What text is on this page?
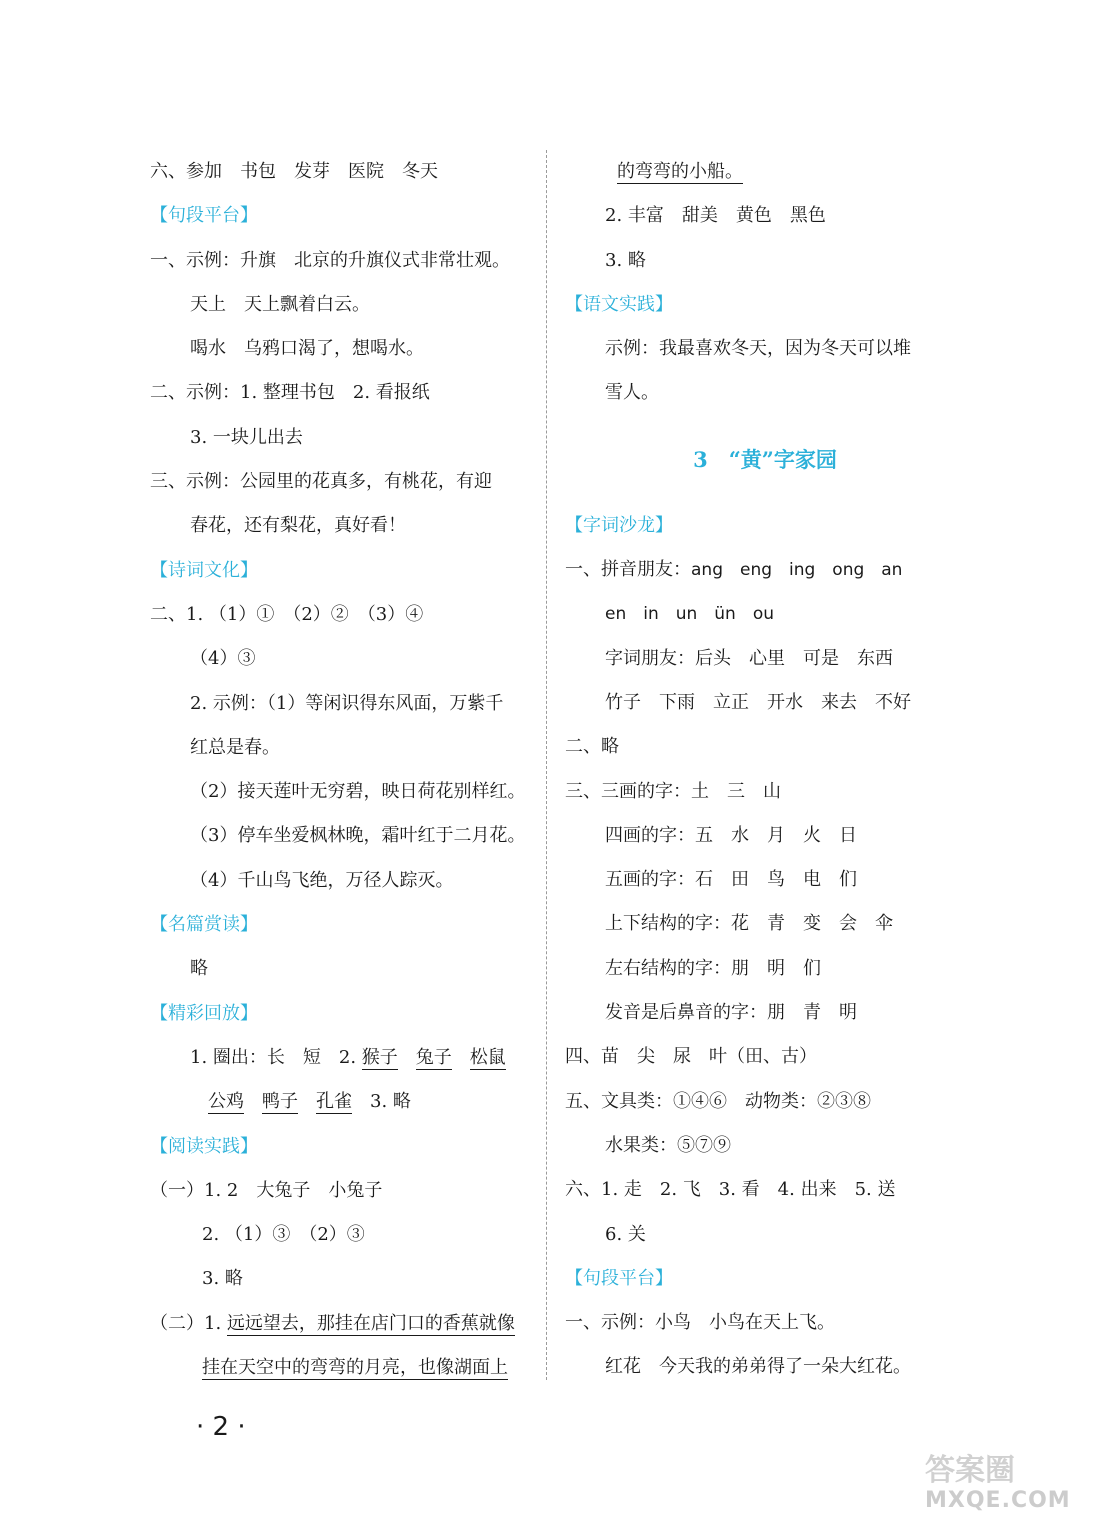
六、参加　书包　发芽　医院　冬天
【句段平台】
一、示例：升旗　北京的升旗仪式非常壮观。
天上　天上飘着白云。
喝水　乌鸦口渴了，想喝水。
二、示例：1. 整理书包　2. 看报纸
3. 一块儿出去
三、示例：公园里的花真多，有桃花，有迎
春花，还有梨花，真好看！
【诗词文化】
二、1. （1）①　（2）②　（3）④
（4）③
2. 示例：（1）等闲识得东风面，万紫千
红总是春。
（2）接天莲叶无穷碧，映日荷花别样红。
（3）停车坐爱枫林晚，霜叶红于二月花。
（4）千山鸟飞绝，万径人踪灭。
【名篇赏读】
略
【精彩回放】
1. 圈出：长　短　2. 猴子　 兔子　 松鼠
公鸡　 鸭子　 孔雀　 3. 略
【阅读实践】
（一）1. 2　大兔子　小兔子
2. （1）③　（2）③
3. 略
（二）1. 远远望去，那挂在店门口的香蕉就像
挂在天空中的弯弯的月亮，也像湖面上
的弯弯的小船。
2. 丰富　甜美　黄色　黑色
3. 略
【语文实践】
示例：我最喜欢冬天，因为冬天可以堆
雪人。
3　“黄”字家园
【字词沙龙】
一、拼音朋友：ang　eng　ing　ong　an
en　in　un　ün　ou
字词朋友：后头　心里　可是　东西
竹子　下雨　立正　开水　来去　不好
二、略
三、三画的字：土　三　山
四画的字：五　水　月　火　日
五画的字：石　田　鸟　电　们
上下结构的字：花　青　变　会　伞
左右结构的字：朋　明　们
发音是后鼻音的字：朋　青　明
四、苗　尖　尿　叶（田、古）
五、文具类：①④⑥　动物类：②③⑧
水果类：⑤⑦⑨
六、1. 走　2. 飞　3. 看　4. 出来　5. 送
6. 关
【句段平台】
一、示例：小鸟　小鸟在天上飞。
红花　今天我的弟弟得了一朵大红花。
· 2 ·
答案圈
MXQE.COM
